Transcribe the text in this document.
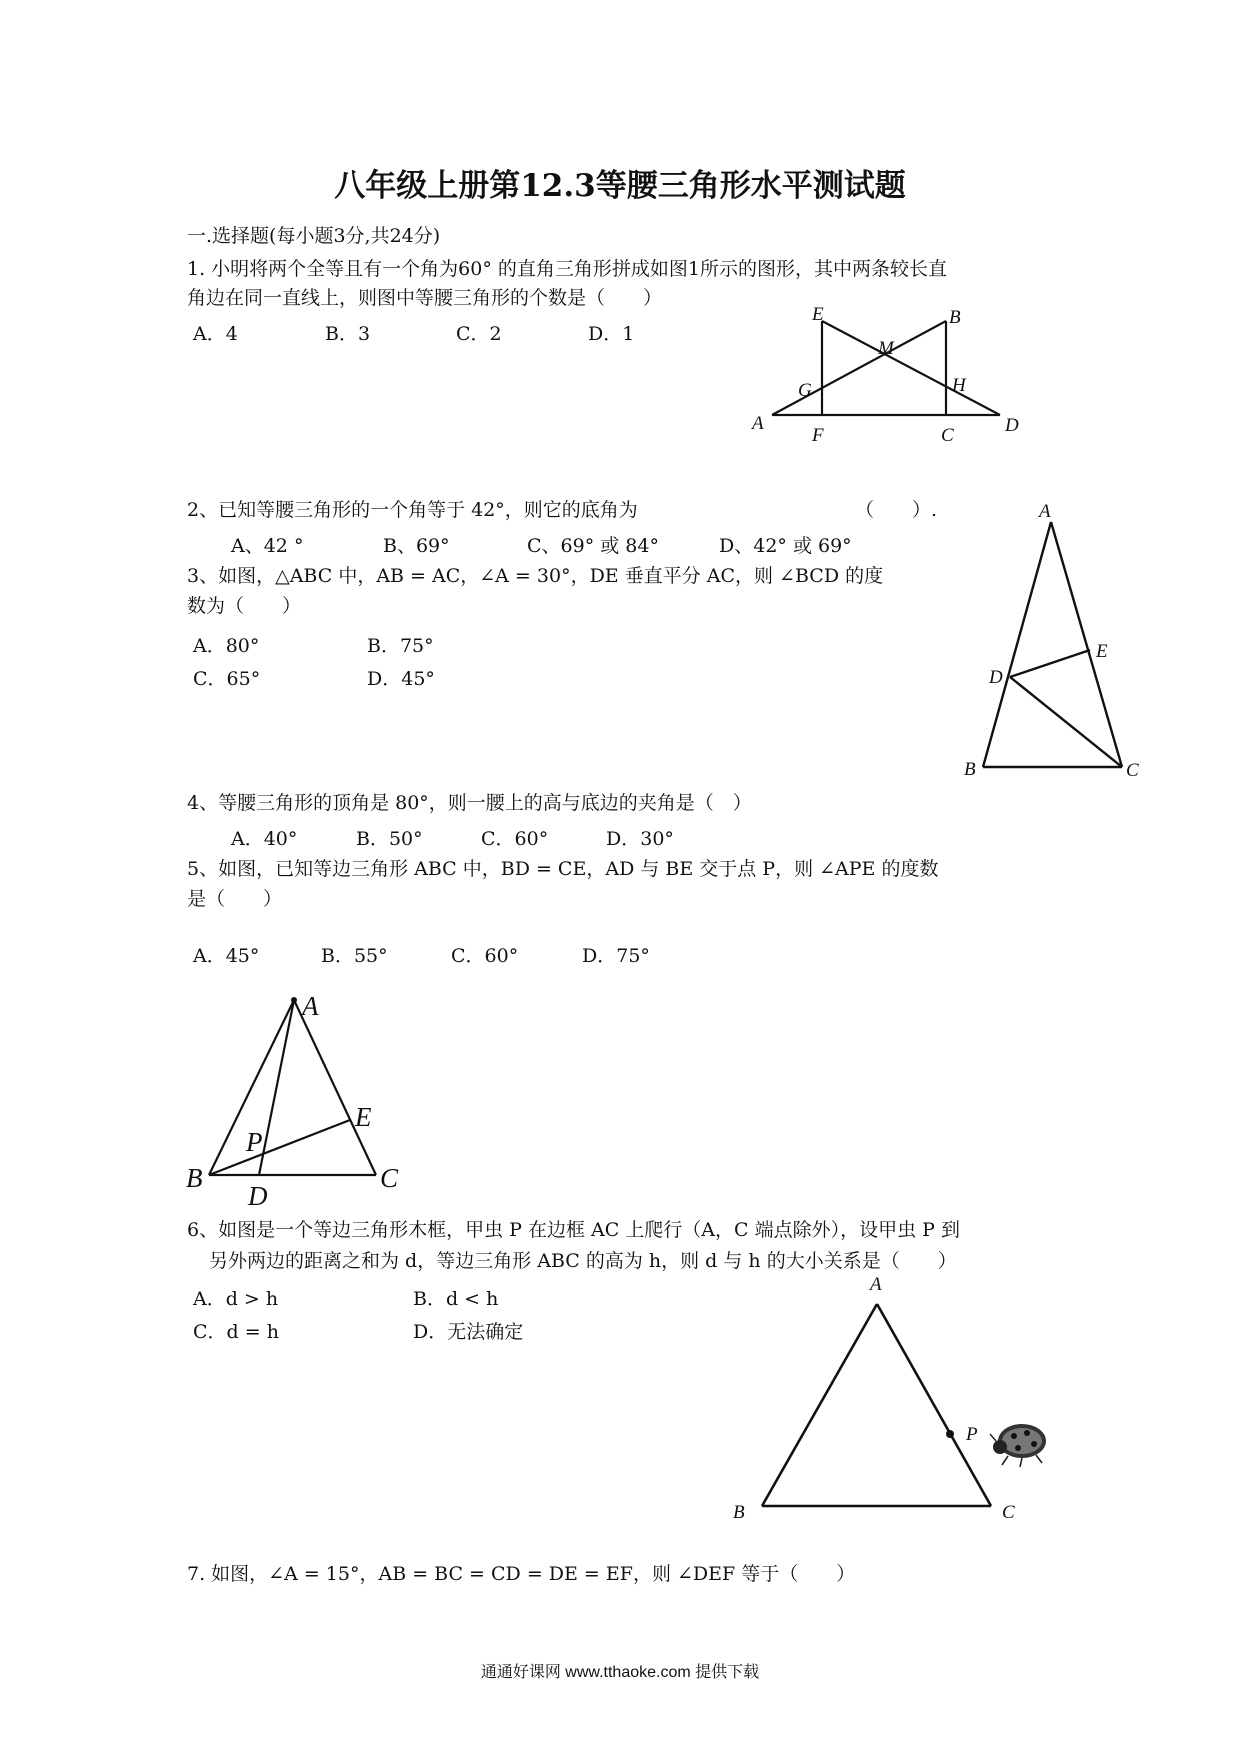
八年级上册第12.3等腰三角形水平测试题
一.选择题(每小题3分,共24分)
1. 小明将两个全等且有一个角为60° 的直角三角形拼成如图1所示的图形，其中两条较长直
角边在同一直线上，则图中等腰三角形的个数是（　　）
A．4	B．3	C．2	D．1
E	B
M
G	H
A
F	C	D
2、已知等腰三角形的一个角等于 42°，则它的底角为	（　　）.
A、42 °	B、69°	C、69° 或 84°	D、42° 或 69°
3、如图，△ABC 中，AB = AC，∠A = 30°，DE 垂直平分 AC，则 ∠BCD 的度
数为（　　）
A．80°	B．75°
C．65°	D．45°
A
E
D
B	C
4、等腰三角形的顶角是 80°，则一腰上的高与底边的夹角是（　）
A．40°	B．50°	C．60°	D．30°
5、如图，已知等边三角形 ABC 中，BD = CE，AD 与 BE 交于点 P，则 ∠APE 的度数
是（　　）
A．45°	B．55°	C．60°	D．75°
A
E
P
B
D
C
6、如图是一个等边三角形木框，甲虫 P 在边框 AC 上爬行（A，C 端点除外），设甲虫 P 到
另外两边的距离之和为 d，等边三角形 ABC 的高为 h，则 d 与 h 的大小关系是（　　）
A．d > h	B．d < h
C．d = h	D．无法确定
A
P
B	C
7. 如图，∠A = 15°，AB = BC = CD = DE = EF，则 ∠DEF 等于（　　）
通通好课网 www.tthaoke.com 提供下载
